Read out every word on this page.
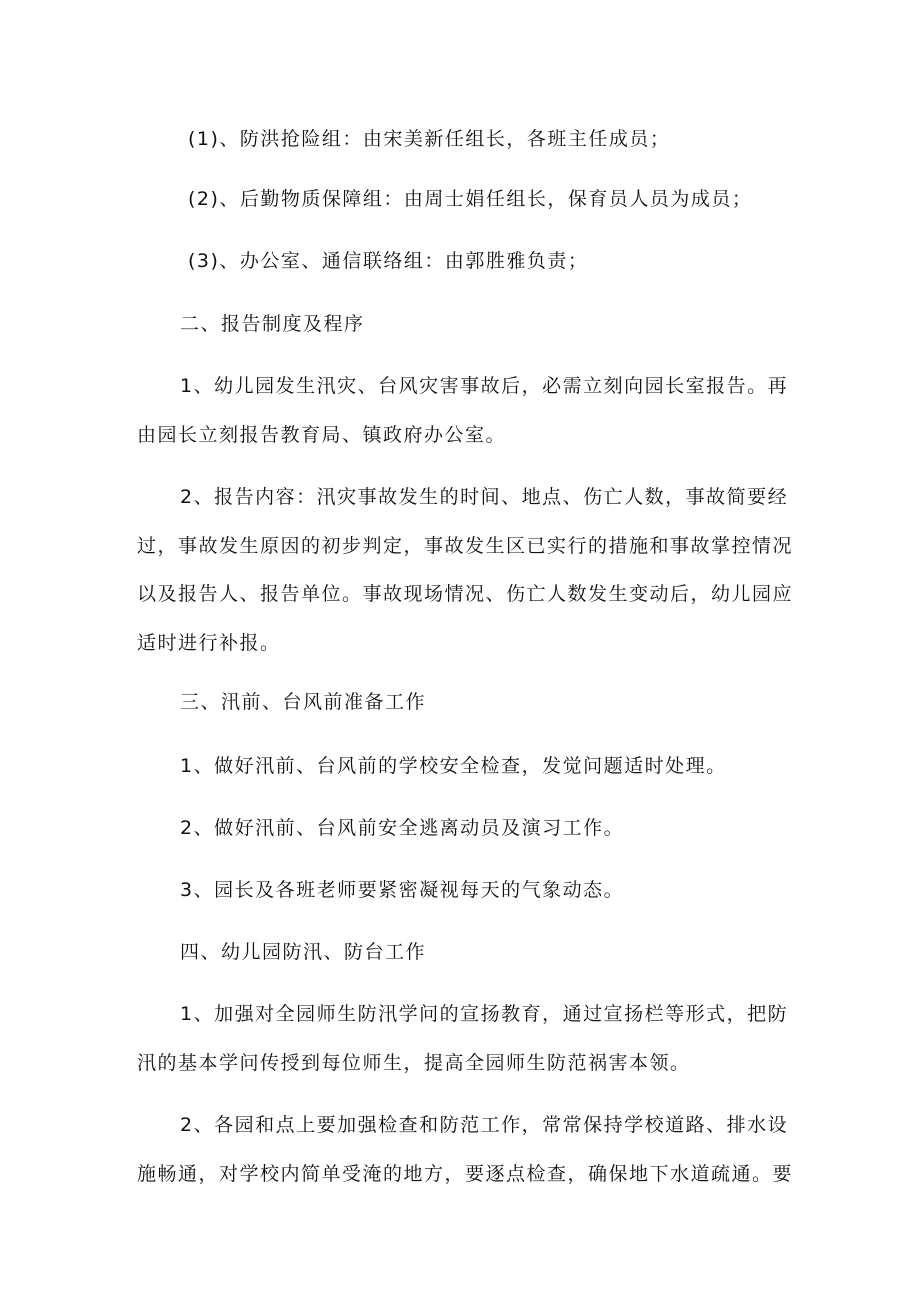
(1)、防洪抢险组：由宋美新任组长，各班主任成员；
(2)、后勤物质保障组：由周士娟任组长，保育员人员为成员；
(3)、办公室、通信联络组：由郭胜雅负责；
二、报告制度及程序
1、幼儿园发生汛灾、台风灾害事故后，必需立刻向园长室报告。再
由园长立刻报告教育局、镇政府办公室。
2、报告内容：汛灾事故发生的时间、地点、伤亡人数，事故简要经
过，事故发生原因的初步判定，事故发生区已实行的措施和事故掌控情况
以及报告人、报告单位。事故现场情况、伤亡人数发生变动后，幼儿园应
适时进行补报。
三、汛前、台风前准备工作
1、做好汛前、台风前的学校安全检查，发觉问题适时处理。
2、做好汛前、台风前安全逃离动员及演习工作。
3、园长及各班老师要紧密凝视每天的气象动态。
四、幼儿园防汛、防台工作
1、加强对全园师生防汛学问的宣扬教育，通过宣扬栏等形式，把防
汛的基本学问传授到每位师生，提高全园师生防范祸害本领。
2、各园和点上要加强检查和防范工作，常常保持学校道路、排水设
施畅通，对学校内简单受淹的地方，要逐点检查，确保地下水道疏通。要
